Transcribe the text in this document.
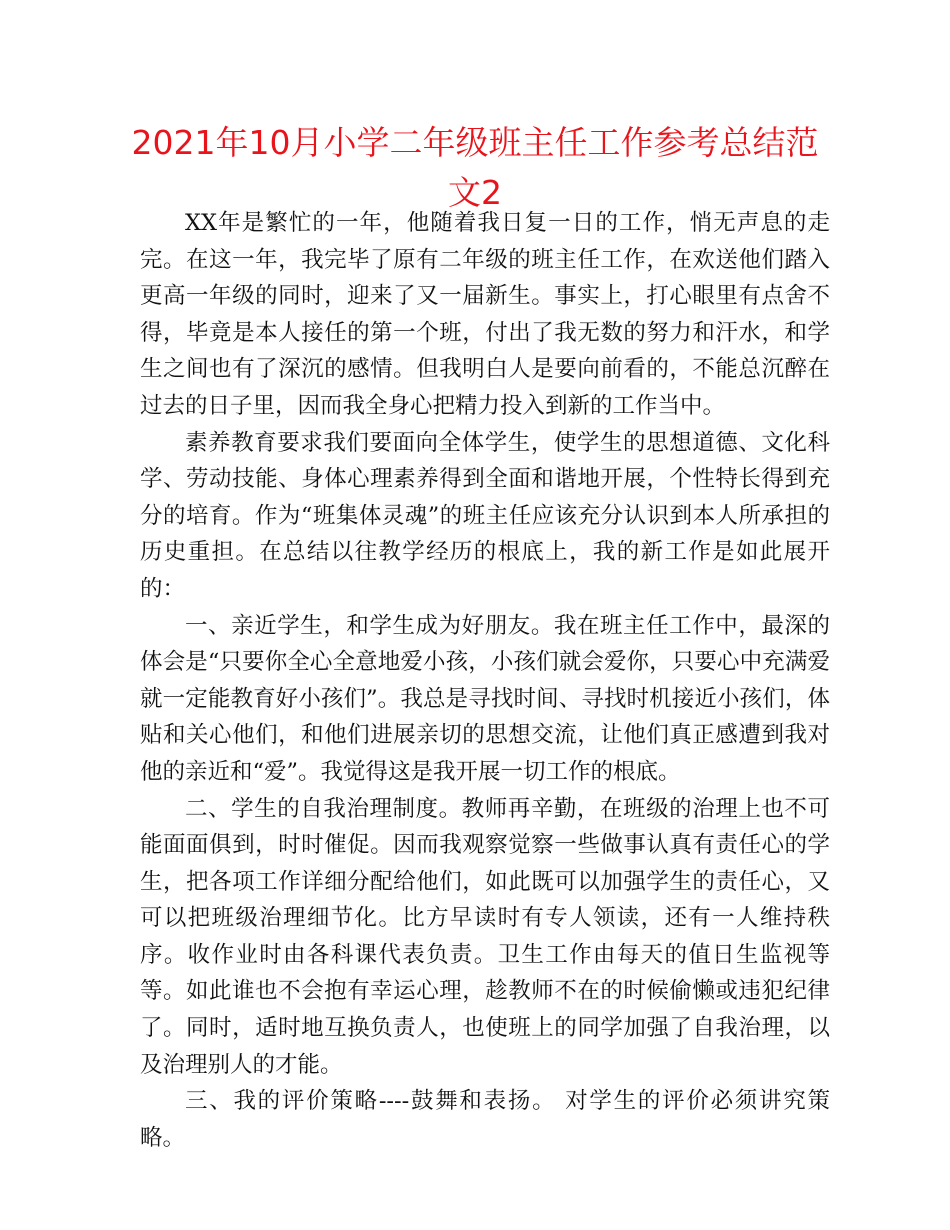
2021年10月小学二年级班主任工作参考总结范文2

XX年是繁忙的一年，他随着我日复一日的工作，悄无声息的走完。在这一年，我完毕了原有二年级的班主任工作，在欢送他们踏入更高一年级的同时，迎来了又一届新生。事实上，打心眼里有点舍不得，毕竟是本人接任的第一个班，付出了我无数的努力和汗水，和学生之间也有了深沉的感情。但我明白人是要向前看的，不能总沉醉在过去的日子里，因而我全身心把精力投入到新的工作当中。

素养教育要求我们要面向全体学生，使学生的思想道德、文化科学、劳动技能、身体心理素养得到全面和谐地开展，个性特长得到充分的培育。作为“班集体灵魂”的班主任应该充分认识到本人所承担的历史重担。在总结以往教学经历的根底上，我的新工作是如此展开的：

一、亲近学生，和学生成为好朋友。我在班主任工作中，最深的体会是“只要你全心全意地爱小孩，小孩们就会爱你，只要心中充满爱就一定能教育好小孩们”。我总是寻找时间、寻找时机接近小孩们，体贴和关心他们，和他们进展亲切的思想交流，让他们真正感遭到我对他的亲近和“爱”。我觉得这是我开展一切工作的根底。

二、学生的自我治理制度。教师再辛勤，在班级的治理上也不可能面面俱到，时时催促。因而我观察觉察一些做事认真有责任心的学生，把各项工作详细分配给他们，如此既可以加强学生的责任心，又可以把班级治理细节化。比方早读时有专人领读，还有一人维持秩序。收作业时由各科课代表负责。卫生工作由每天的值日生监视等等。如此谁也不会抱有幸运心理，趁教师不在的时候偷懒或违犯纪律了。同时，适时地互换负责人，也使班上的同学加强了自我治理，以及治理别人的才能。

三、我的评价策略----鼓舞和表扬。 对学生的评价必须讲究策略。
